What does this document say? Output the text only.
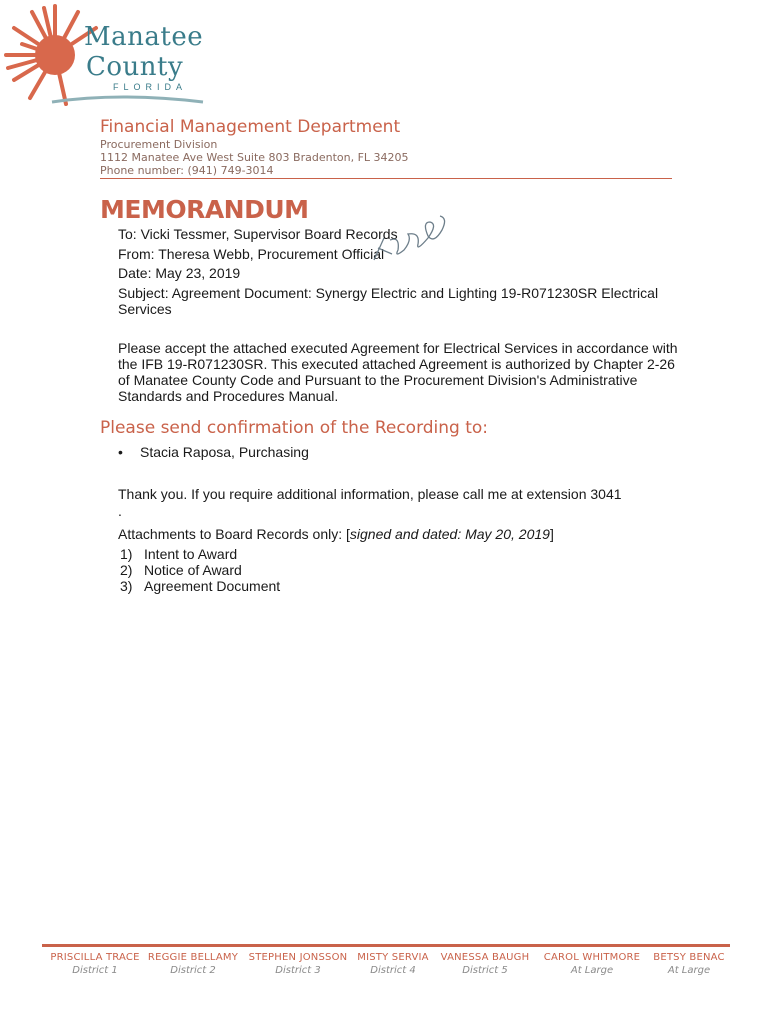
Manatee
County
FLORIDA
Financial Management Department
Procurement Division
1112 Manatee Ave West Suite 803 Bradenton, FL 34205
Phone number: (941) 749-3014
MEMORANDUM
To: Vicki Tessmer, Supervisor Board Records
From: Theresa Webb, Procurement Official
Date: May 23, 2019
Subject: Agreement Document: Synergy Electric and Lighting 19-R071230SR Electrical
Services
Please accept the attached executed Agreement for Electrical Services in accordance with the IFB 19-R071230SR. This executed attached Agreement is authorized by Chapter 2-26 of Manatee County Code and Pursuant to the Procurement Division's Administrative Standards and Procedures Manual.
Please send confirmation of the Recording to:
• Stacia Raposa, Purchasing
Thank you. If you require additional information, please call me at extension 3041
.
Attachments to Board Records only: [signed and dated: May 20, 2019]
1) Intent to Award
2) Notice of Award
3) Agreement Document
PRISCILLA TRACE
District 1
REGGIE BELLAMY
District 2
STEPHEN JONSSON
District 3
MISTY SERVIA
District 4
VANESSA BAUGH
District 5
CAROL WHITMORE
At Large
BETSY BENAC
At Large
